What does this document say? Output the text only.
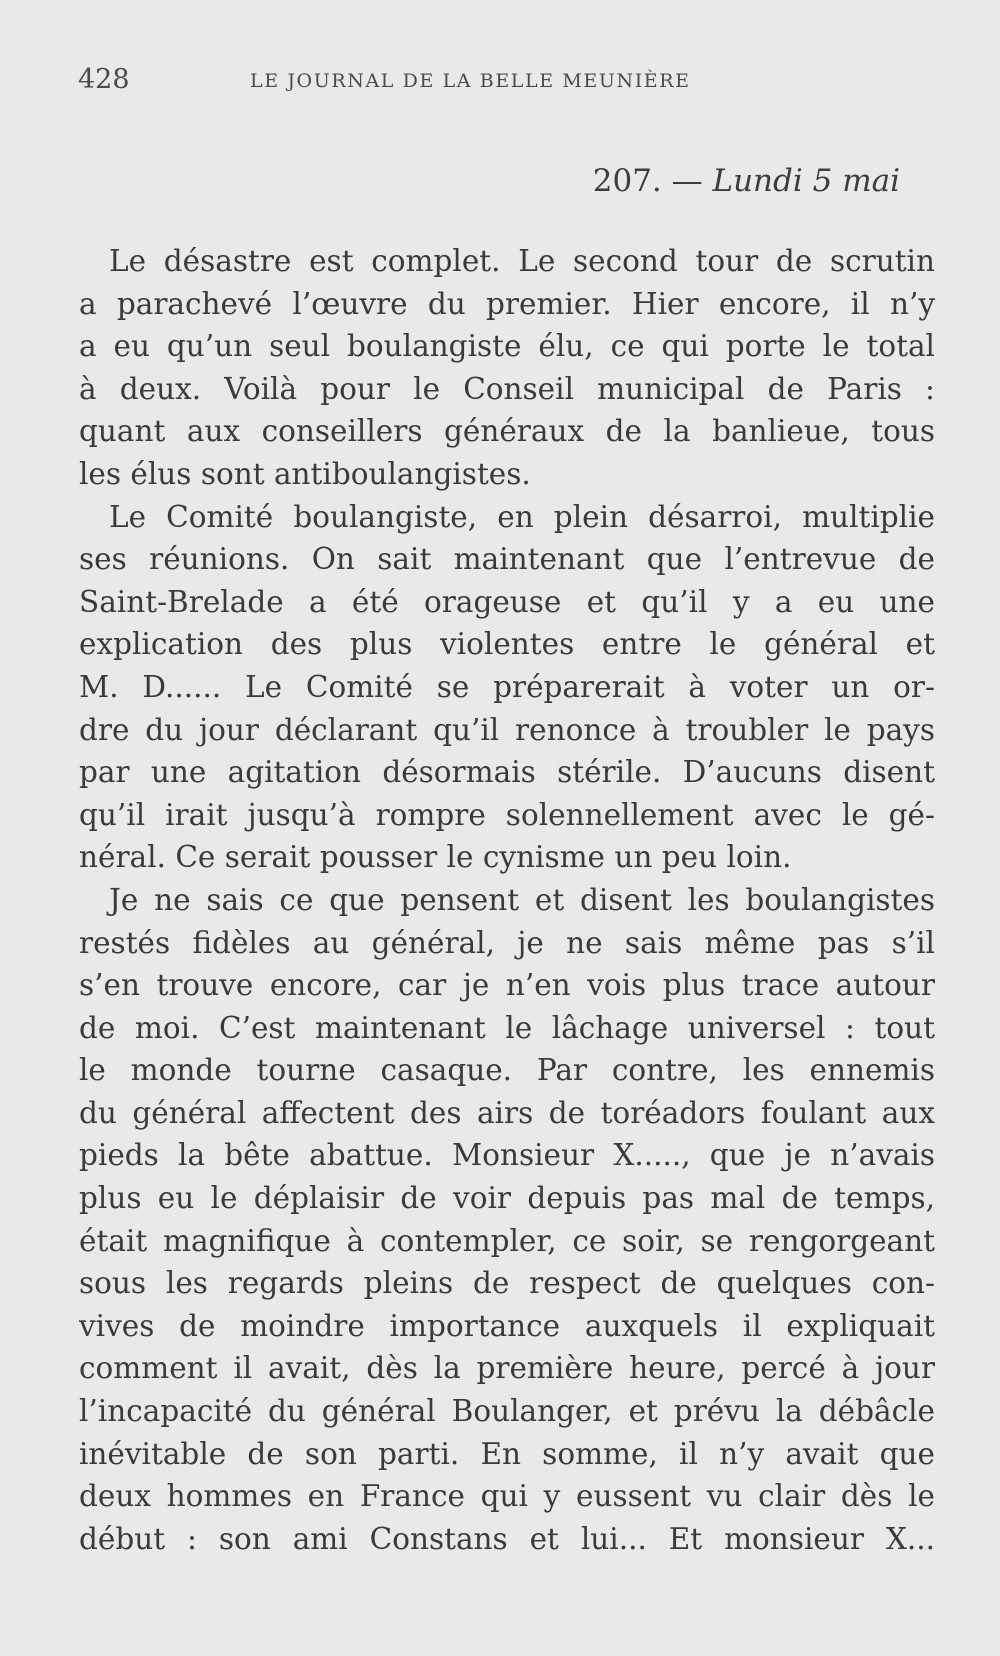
428	LE JOURNAL DE LA BELLE MEUNIÈRE
207. — Lundi 5 mai

Le désastre est complet. Le second tour de scrutin
a parachevé l’œuvre du premier. Hier encore, il n’y
a eu qu’un seul boulangiste élu, ce qui porte le total
à deux. Voilà pour le Conseil municipal de Paris :
quant aux conseillers généraux de la banlieue, tous
les élus sont antiboulangistes.

Le Comité boulangiste, en plein désarroi, multiplie
ses réunions. On sait maintenant que l’entrevue de
Saint-Brelade a été orageuse et qu’il y a eu une
explication des plus violentes entre le général et
M. D...... Le Comité se préparerait à voter un or-
dre du jour déclarant qu’il renonce à troubler le pays
par une agitation désormais stérile. D’aucuns disent
qu’il irait jusqu’à rompre solennellement avec le gé-
néral. Ce serait pousser le cynisme un peu loin.

Je ne sais ce que pensent et disent les boulangistes
restés fidèles au général, je ne sais même pas s’il
s’en trouve encore, car je n’en vois plus trace autour
de moi. C’est maintenant le lâchage universel : tout
le monde tourne casaque. Par contre, les ennemis
du général affectent des airs de toréadors foulant aux
pieds la bête abattue. Monsieur X....., que je n’avais
plus eu le déplaisir de voir depuis pas mal de temps,
était magnifique à contempler, ce soir, se rengorgeant
sous les regards pleins de respect de quelques con-
vives de moindre importance auxquels il expliquait
comment il avait, dès la première heure, percé à jour
l’incapacité du général Boulanger, et prévu la débâcle
inévitable de son parti. En somme, il n’y avait que
deux hommes en France qui y eussent vu clair dès le
début : son ami Constans et lui... Et monsieur X...
